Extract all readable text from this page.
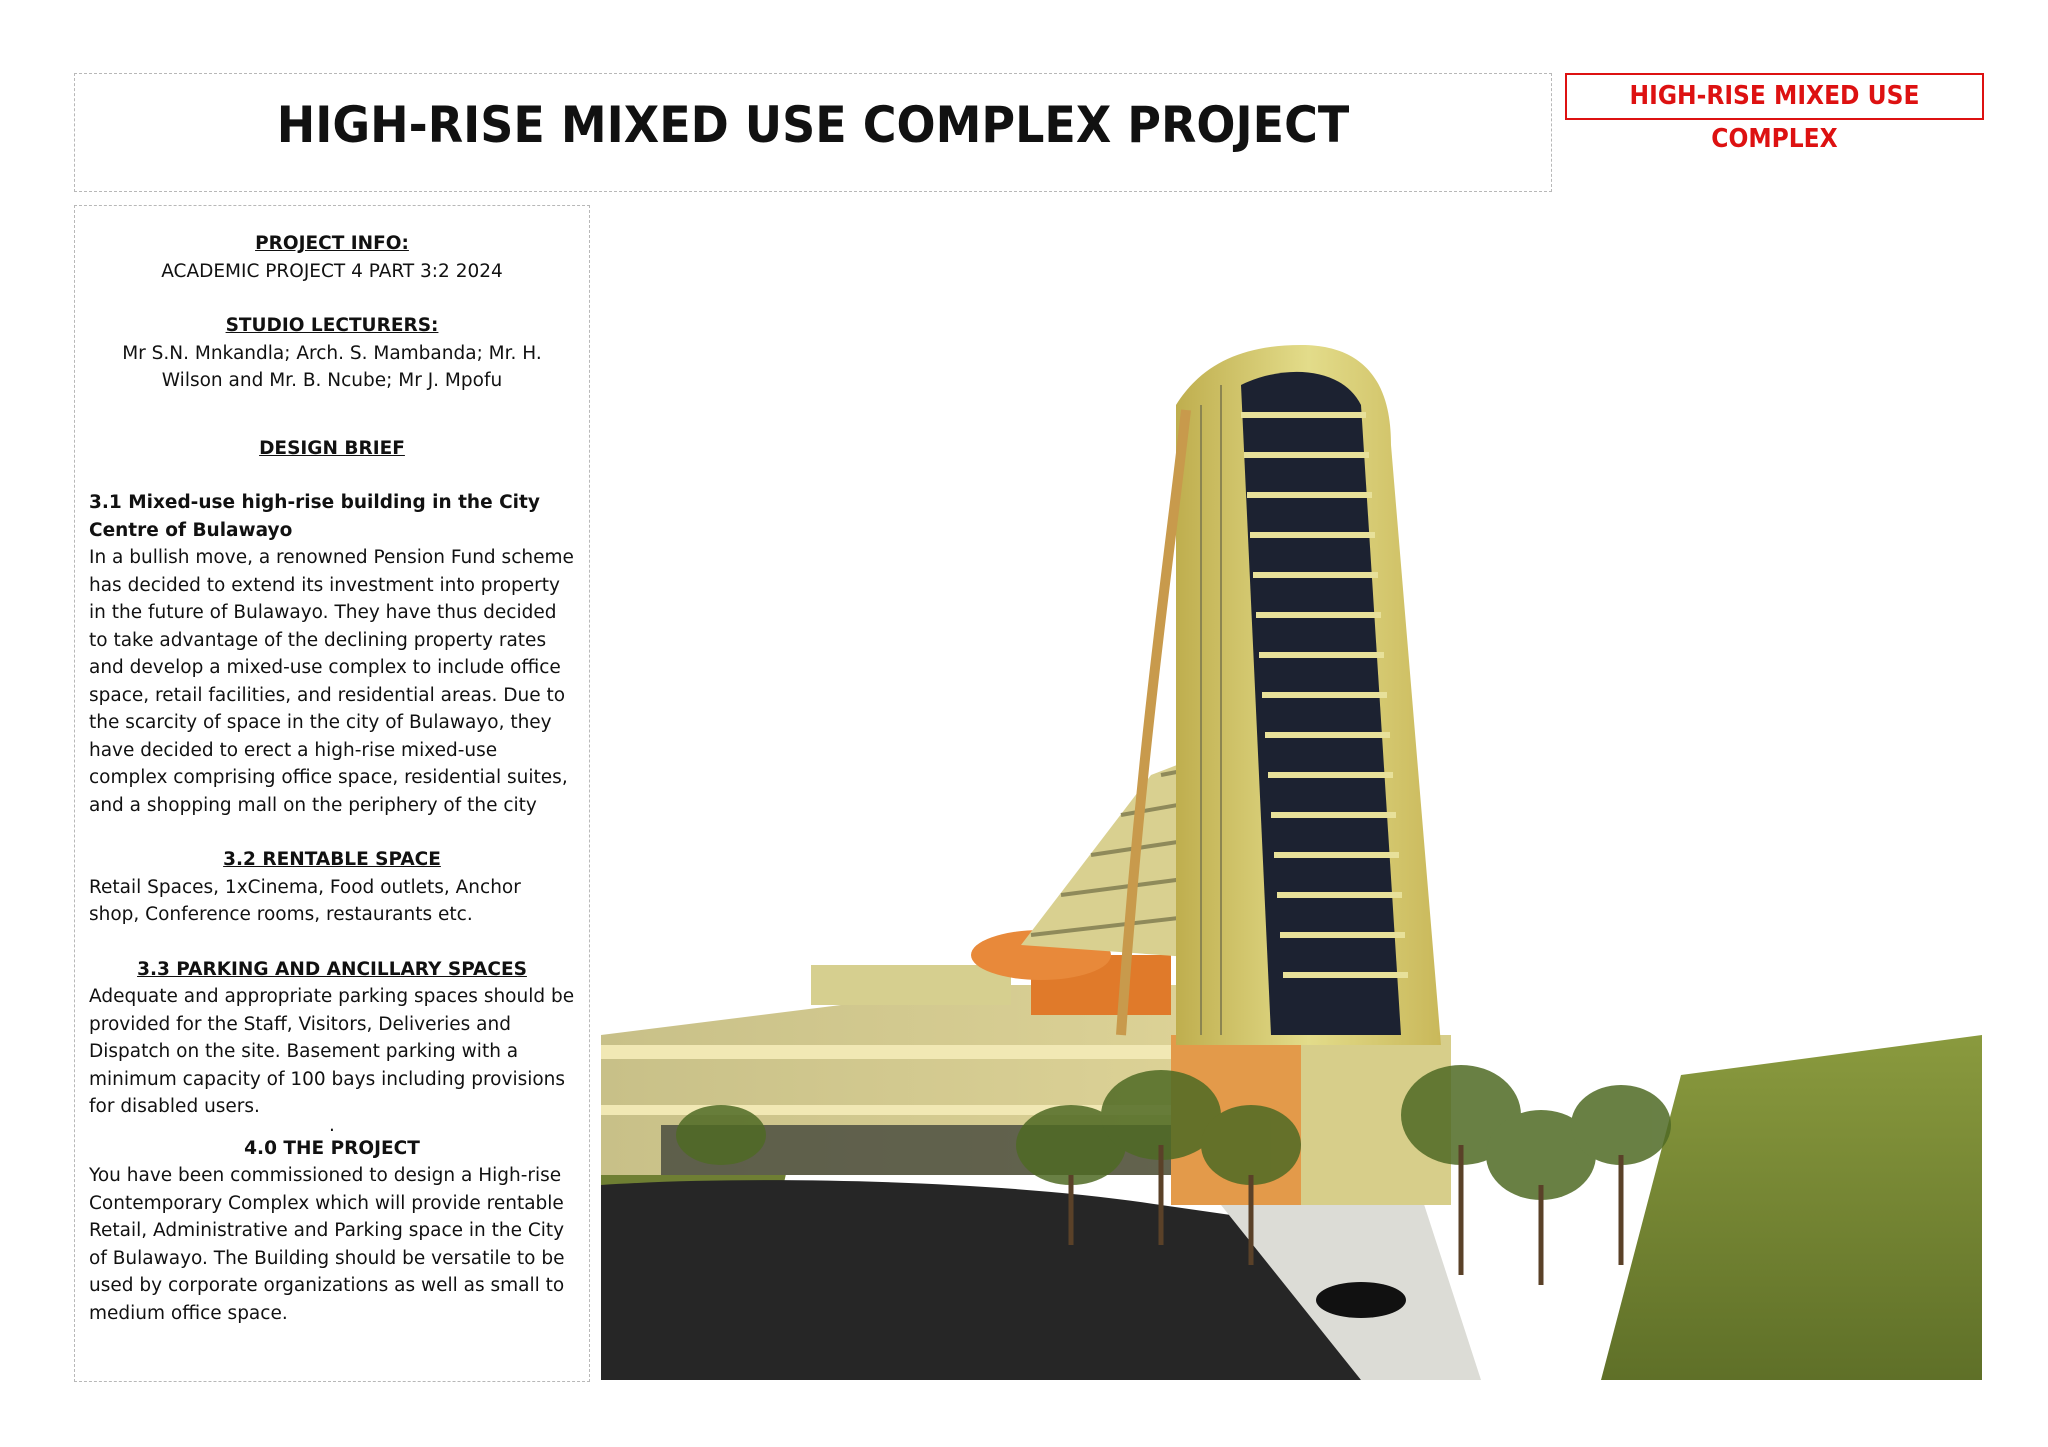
HIGH-RISE MIXED USE COMPLEX PROJECT	HIGH-RISE MIXED USE COMPLEX
PROJECT INFO:
ACADEMIC PROJECT 4 PART 3:2 2024
STUDIO LECTURERS:
Mr S.N. Mnkandla; Arch. S. Mambanda; Mr. H.
Wilson and Mr. B. Ncube; Mr J. Mpofu
DESIGN BRIEF
3.1 Mixed-use high-rise building in the City Centre of Bulawayo
In a bullish move, a renowned Pension Fund scheme has decided to extend its investment into property in the future of Bulawayo. They have thus decided to take advantage of the declining property rates and develop a mixed-use complex to include office space, retail facilities, and residential areas. Due to the scarcity of space in the city of Bulawayo, they have decided to erect a high-rise mixed-use complex comprising office space, residential suites, and a shopping mall on the periphery of the city
3.2 RENTABLE SPACE
Retail Spaces, 1xCinema, Food outlets, Anchor shop, Conference rooms, restaurants etc.
3.3 PARKING AND ANCILLARY SPACES
Adequate and appropriate parking spaces should be provided for the Staff, Visitors, Deliveries and Dispatch on the site. Basement parking with a minimum capacity of 100 bays including provisions for disabled users.
.
4.0 THE PROJECT
You have been commissioned to design a High-rise Contemporary Complex which will provide rentable Retail, Administrative and Parking space in the City of Bulawayo. The Building should be versatile to be used by corporate organizations as well as small to medium office space.
